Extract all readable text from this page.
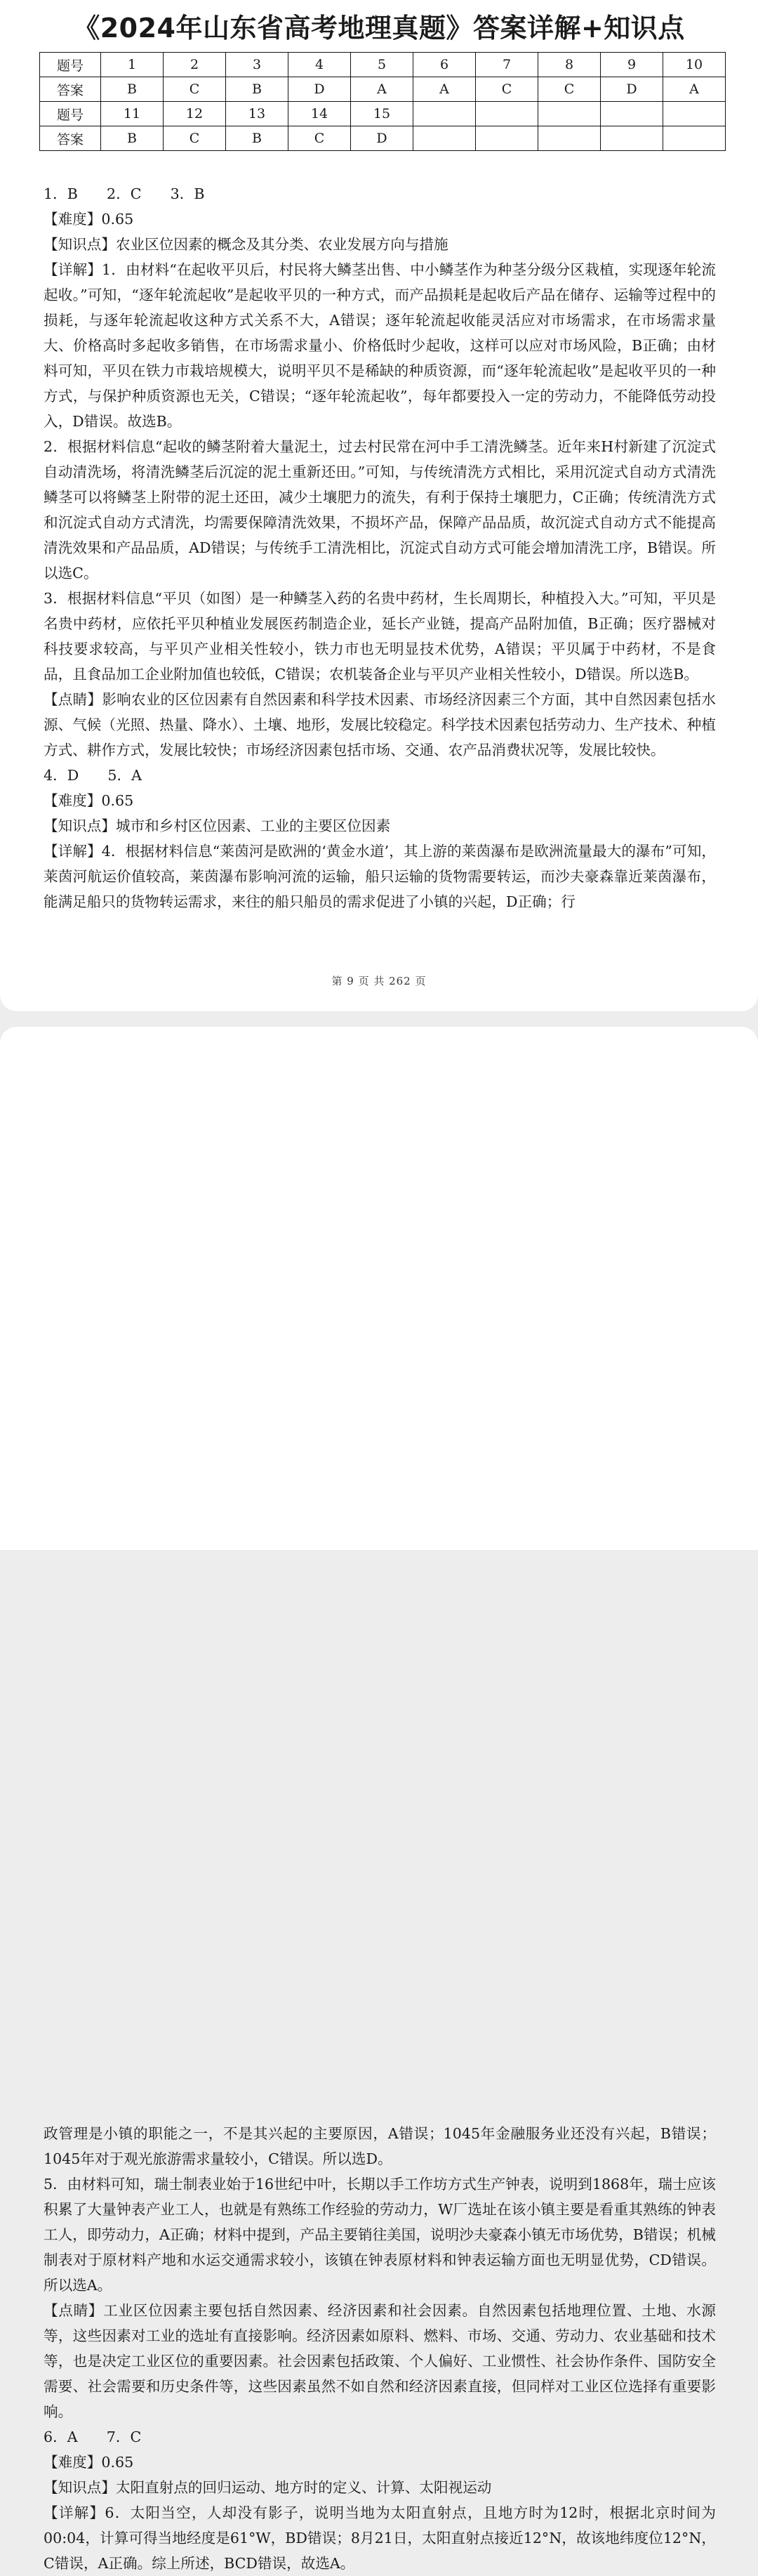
《2024年山东省高考地理真题》答案详解+知识点
题号	1	2	3	4	5	6	7	8	9	10
答案	B	C	B	D	A	A	C	C	D	A
题号	11	12	13	14	15					
答案	B	C	B	C	D					

1．B　　2．C　　3．B

【难度】0.65

【知识点】农业区位因素的概念及其分类、农业发展方向与措施

【详解】1．由材料“在起收平贝后，村民将大鳞茎出售、中小鳞茎作为种茎分级分区栽植，实现逐年轮流起收。”可知，“逐年轮流起收”是起收平贝的一种方式，而产品损耗是起收后产品在储存、运输等过程中的损耗，与逐年轮流起收这种方式关系不大，A错误；逐年轮流起收能灵活应对市场需求，在市场需求量大、价格高时多起收多销售，在市场需求量小、价格低时少起收，这样可以应对市场风险，B正确；由材料可知，平贝在铁力市栽培规模大，说明平贝不是稀缺的种质资源，而“逐年轮流起收”是起收平贝的一种方式，与保护种质资源也无关，C错误；“逐年轮流起收”，每年都要投入一定的劳动力，不能降低劳动投入，D错误。故选B。

2．根据材料信息“起收的鳞茎附着大量泥土，过去村民常在河中手工清洗鳞茎。近年来H村新建了沉淀式自动清洗场，将清洗鳞茎后沉淀的泥土重新还田。”可知，与传统清洗方式相比，采用沉淀式自动方式清洗鳞茎可以将鳞茎上附带的泥土还田，减少土壤肥力的流失，有利于保持土壤肥力，C正确；传统清洗方式和沉淀式自动方式清洗，均需要保障清洗效果，不损坏产品，保障产品品质，故沉淀式自动方式不能提高清洗效果和产品品质，AD错误；与传统手工清洗相比，沉淀式自动方式可能会增加清洗工序，B错误。所以选C。

3．根据材料信息“平贝（如图）是一种鳞茎入药的名贵中药材，生长周期长，种植投入大。”可知，平贝是名贵中药材，应依托平贝种植业发展医药制造企业，延长产业链，提高产品附加值，B正确；医疗器械对科技要求较高，与平贝产业相关性较小，铁力市也无明显技术优势，A错误；平贝属于中药材，不是食品，且食品加工企业附加值也较低，C错误；农机装备企业与平贝产业相关性较小，D错误。所以选B。

【点睛】影响农业的区位因素有自然因素和科学技术因素、市场经济因素三个方面，其中自然因素包括水源、气候（光照、热量、降水）、土壤、地形，发展比较稳定。科学技术因素包括劳动力、生产技术、种植方式、耕作方式，发展比较快；市场经济因素包括市场、交通、农产品消费状况等，发展比较快。

4．D　　5．A

【难度】0.65

【知识点】城市和乡村区位因素、工业的主要区位因素

【详解】4．根据材料信息“莱茵河是欧洲的‘黄金水道’，其上游的莱茵瀑布是欧洲流量最大的瀑布”可知，莱茵河航运价值较高，莱茵瀑布影响河流的运输，船只运输的货物需要转运，而沙夫豪森靠近莱茵瀑布，能满足船只的货物转运需求，来往的船只船员的需求促进了小镇的兴起，D正确；行

第 9 页 共 262 页

政管理是小镇的职能之一，不是其兴起的主要原因，A错误；1045年金融服务业还没有兴起，B错误；1045年对于观光旅游需求量较小，C错误。所以选D。

5．由材料可知，瑞士制表业始于16世纪中叶，长期以手工作坊方式生产钟表，说明到1868年，瑞士应该积累了大量钟表产业工人，也就是有熟练工作经验的劳动力，W厂选址在该小镇主要是看重其熟练的钟表工人，即劳动力，A正确；材料中提到，产品主要销往美国，说明沙夫豪森小镇无市场优势，B错误；机械制表对于原材料产地和水运交通需求较小，该镇在钟表原材料和钟表运输方面也无明显优势，CD错误。所以选A。

【点睛】工业区位因素主要包括自然因素、经济因素和社会因素。自然因素包括地理位置、土地、水源等，这些因素对工业的选址有直接影响。经济因素如原料、燃料、市场、交通、劳动力、农业基础和技术等，也是决定工业区位的重要因素。社会因素包括政策、个人偏好、工业惯性、社会协作条件、国防安全需要、社会需要和历史条件等，这些因素虽然不如自然和经济因素直接，但同样对工业区位选择有重要影响。

6．A　　7．C

【难度】0.65

【知识点】太阳直射点的回归运动、地方时的定义、计算、太阳视运动

【详解】6．太阳当空，人却没有影子，说明当地为太阳直射点，且地方时为12时，根据北京时间为00:04，计算可得当地经度是61°W，BD错误；8月21日，太阳直射点接近12°N，故该地纬度位12°N，C错误，A正确。综上所述，BCD错误，故选A。
